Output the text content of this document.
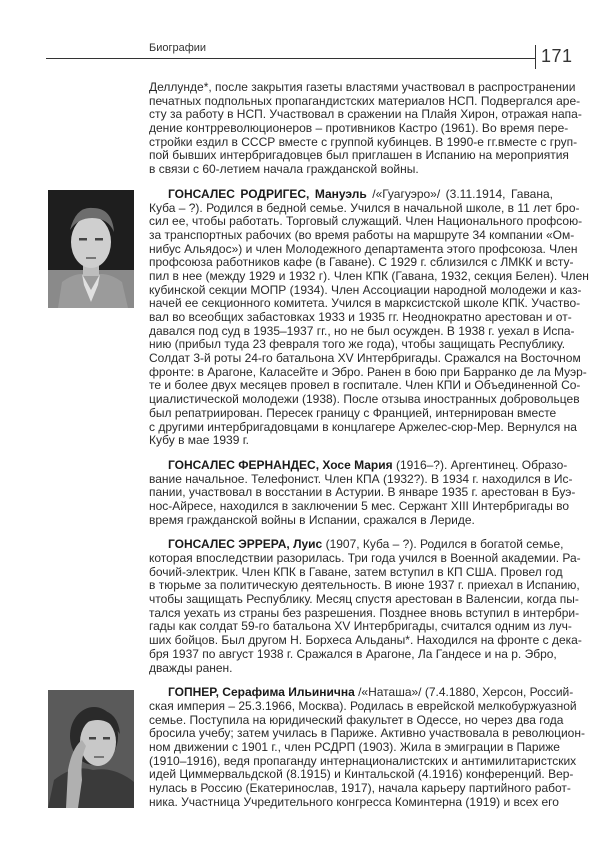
Биографии	171
Деллунде*, после закрытия газеты властями участвовал в распространении
печатных подпольных пропагандистских материалов НСП. Подвергался аре-
сту за работу в НСП. Участвовал в сражении на Плайя Хирон, отражая напа-
дение контрреволюционеров – противников Кастро (1961). Во время пере-
стройки ездил в СССР вместе с группой кубинцев. В 1990-е гг.вместе с груп-
пой бывших интербригадовцев был приглашен в Испанию на мероприятия
в связи с 60-летием начала гражданской войны.
ГОНСАЛЕС РОДРИГЕС, Мануэль /«Гуагуэро»/ (3.11.1914, Гавана,
Куба – ?). Родился в бедной семье. Учился в начальной школе, в 11 лет бро-
сил ее, чтобы работать. Торговый служащий. Член Национального профсою-
за транспортных рабочих (во время работы на маршруте 34 компании «Ом-
нибус Альядос») и член Молодежного департамента этого профсоюза. Член
профсоюза работников кафе (в Гаване). С 1929 г. сблизился с ЛМКК и всту-
пил в нее (между 1929 и 1932 г). Член КПК (Гавана, 1932, секция Белен). Член
кубинской секции МОПР (1934). Член Ассоциации народной молодежи и каз-
начей ее секционного комитета. Учился в марксистской школе КПК. Участво-
вал во всеобщих забастовках 1933 и 1935 гг. Неоднократно арестован и от-
давался под суд в 1935–1937 гг., но не был осужден. В 1938 г. уехал в Испа-
нию (прибыл туда 23 февраля того же года), чтобы защищать Республику.
Солдат 3-й роты 24-го батальона XV Интербригады. Сражался на Восточном
фронте: в Арагоне, Каласейте и Эбро. Ранен в бою при Барранко де ла Муэр-
те и более двух месяцев провел в госпитале. Член КПИ и Объединенной Со-
циалистической молодежи (1938). После отзыва иностранных добровольцев
был репатриирован. Пересек границу с Францией, интернирован вместе
с другими интербригадовцами в концлагере Аржелес-сюр-Мер. Вернулся на
Кубу в мае 1939 г.
ГОНСАЛЕС ФЕРНАНДЕС, Хосе Мария (1916–?). Аргентинец. Образо-
вание начальное. Телефонист. Член КПА (1932?). В 1934 г. находился в Ис-
пании, участвовал в восстании в Астурии. В январе 1935 г. арестован в Буэ-
нос-Айресе, находился в заключении 5 мес. Сержант XIII Интербригады во
время гражданской войны в Испании, сражался в Лериде.
ГОНСАЛЕС ЭРРЕРА, Луис (1907, Куба – ?). Родился в богатой семье,
которая впоследствии разорилась. Три года учился в Военной академии. Ра-
бочий-электрик. Член КПК в Гаване, затем вступил в КП США. Провел год
в тюрьме за политическую деятельность. В июне 1937 г. приехал в Испанию,
чтобы защищать Республику. Месяц спустя арестован в Валенсии, когда пы-
тался уехать из страны без разрешения. Позднее вновь вступил в интербри-
гады как солдат 59-го батальона XV Интербригады, считался одним из луч-
ших бойцов. Был другом Н. Борхеса Альданы*. Находился на фронте с дека-
бря 1937 по август 1938 г. Сражался в Арагоне, Ла Гандесе и на р. Эбро,
дважды ранен.
ГОПНЕР, Серафима Ильинична /«Наташа»/ (7.4.1880, Херсон, Россий-
ская империя – 25.3.1966, Москва). Родилась в еврейской мелкобуржуазной
семье. Поступила на юридический факультет в Одессе, но через два года
бросила учебу; затем училась в Париже. Активно участвовала в революцион-
ном движении с 1901 г., член РСДРП (1903). Жила в эмиграции в Париже
(1910–1916), ведя пропаганду интернационалистских и антимилитаристских
идей Циммервальдской (8.1915) и Кинтальской (4.1916) конференций. Вер-
нулась в Россию (Екатеринослав, 1917), начала карьеру партийного работ-
ника. Участница Учредительного конгресса Коминтерна (1919) и всех его
